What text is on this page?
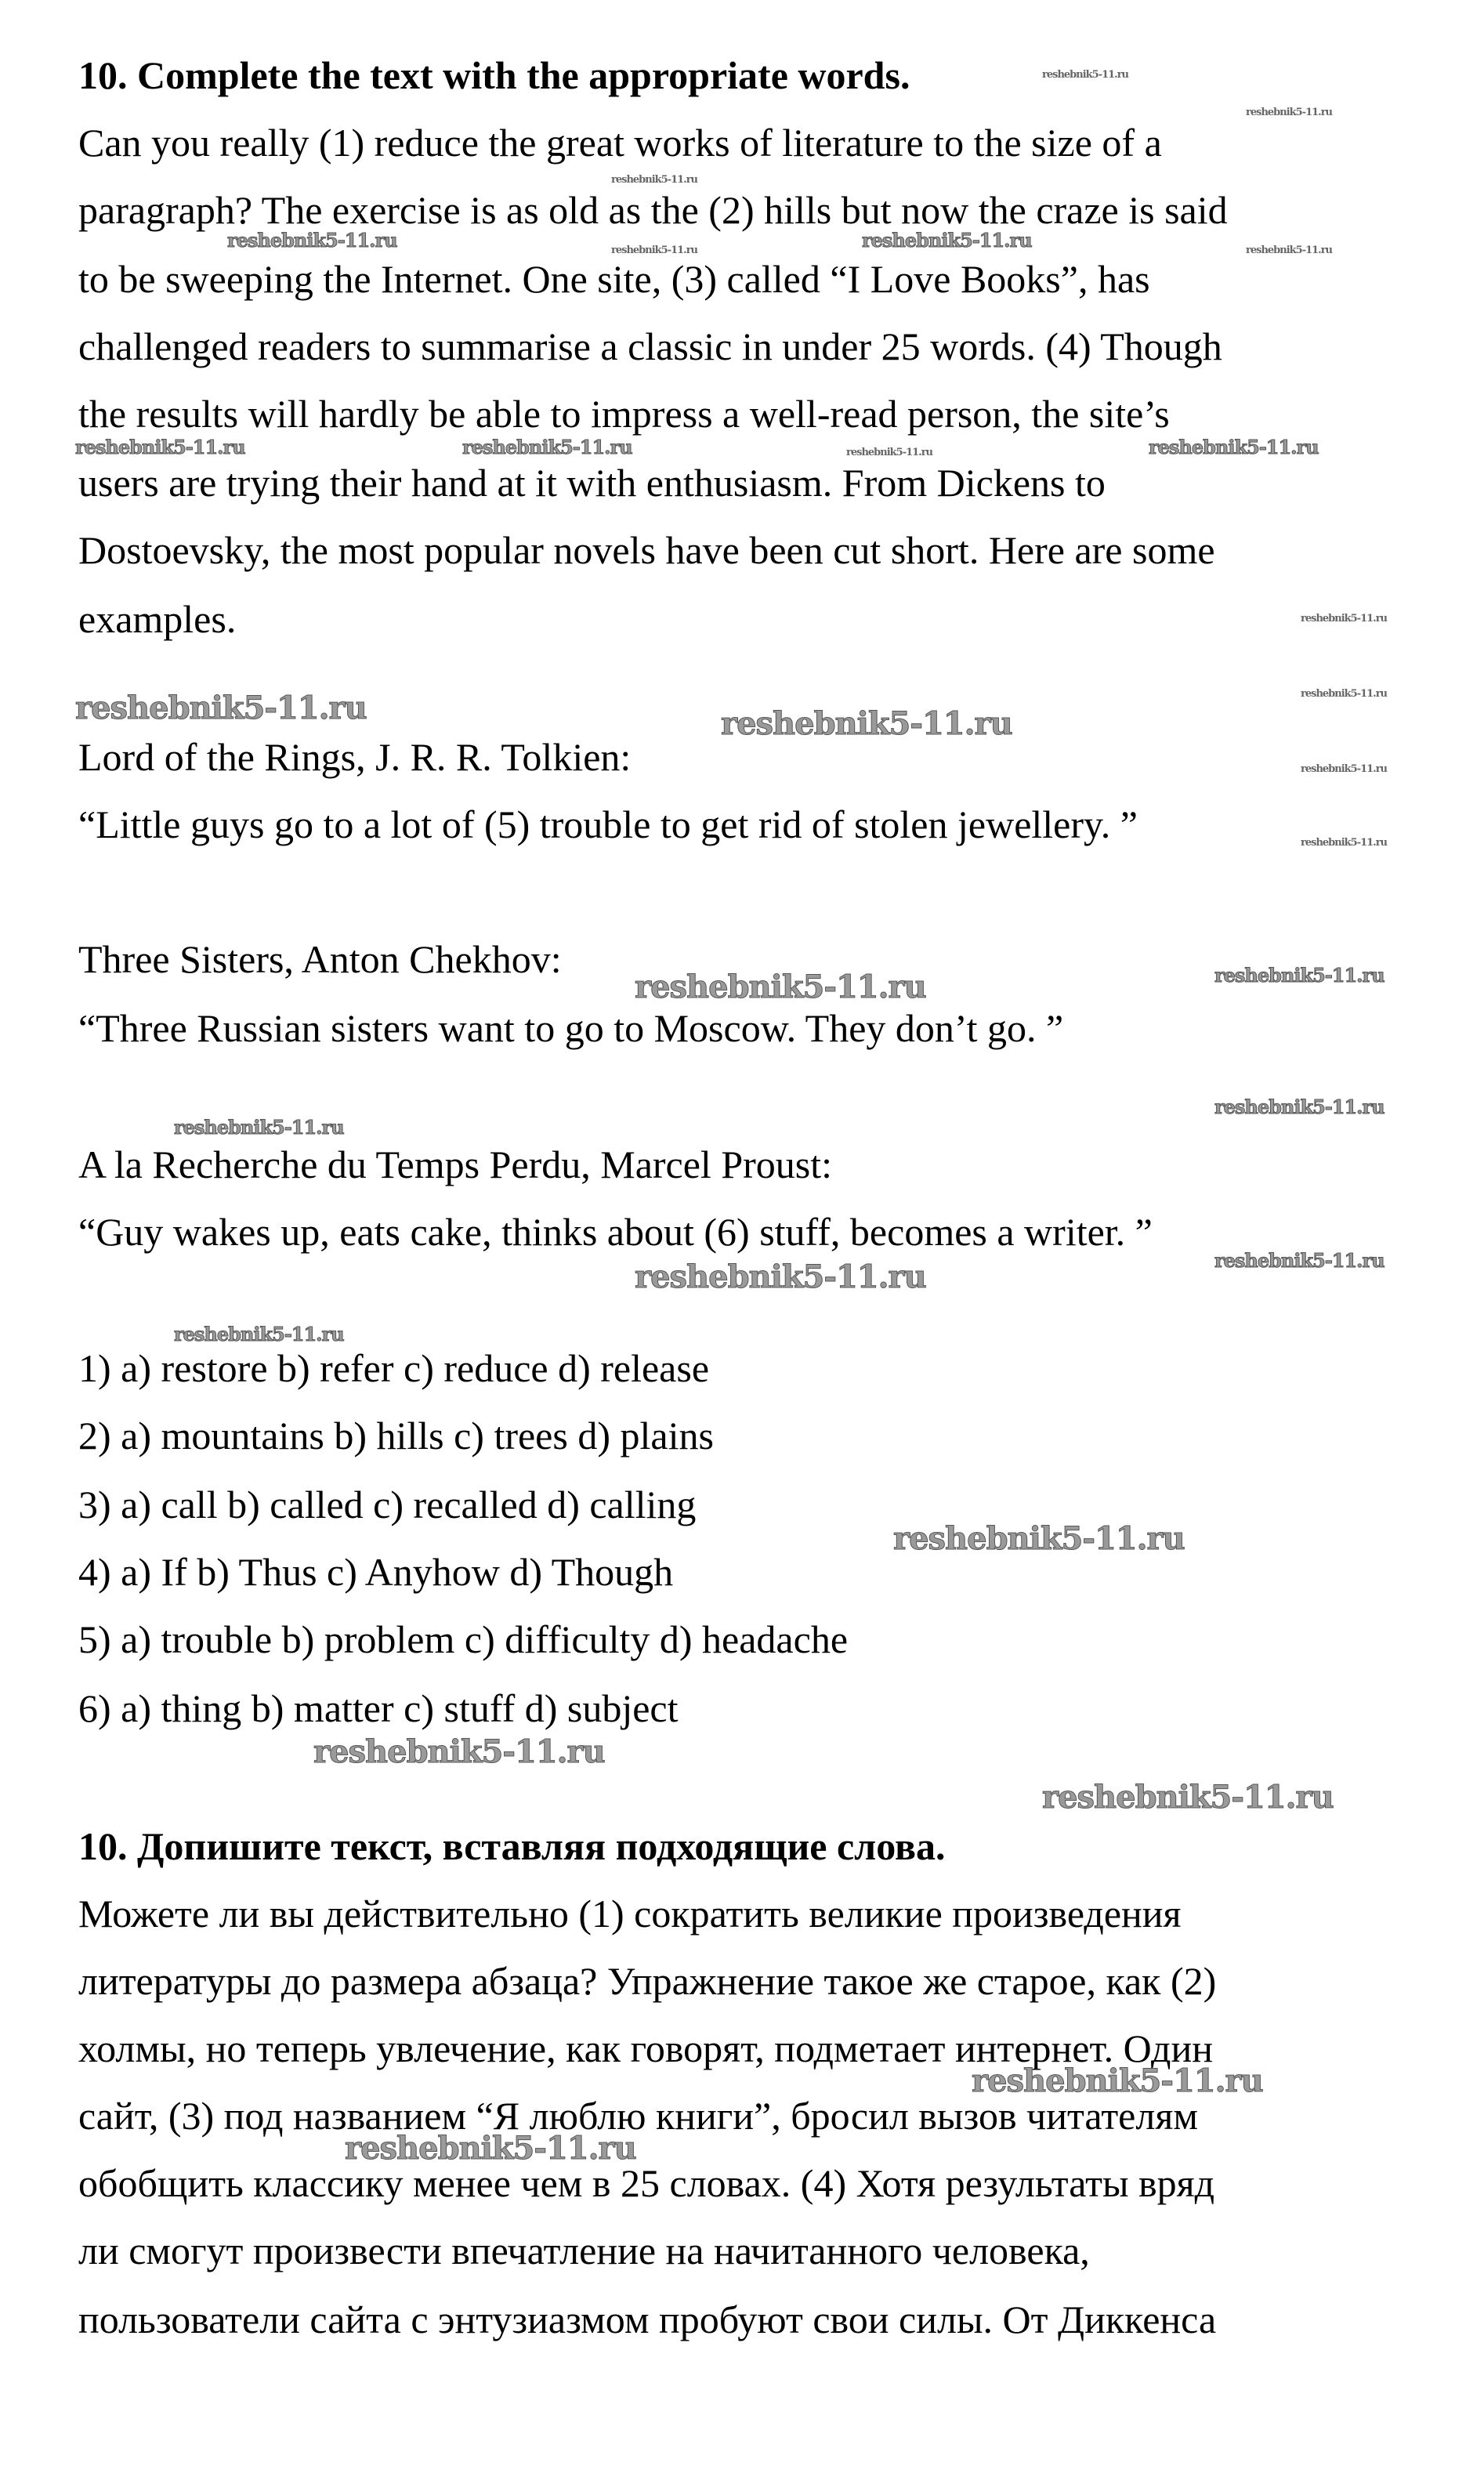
10. Complete the text with the appropriate words.
Can you really (1) reduce the great works of literature to the size of a
paragraph? The exercise is as old as the (2) hills but now the craze is said
to be sweeping the Internet. One site, (3) called “I Love Books”, has
challenged readers to summarise a classic in under 25 words. (4) Though
the results will hardly be able to impress a well-read person, the site’s
users are trying their hand at it with enthusiasm. From Dickens to
Dostoevsky, the most popular novels have been cut short. Here are some
examples.
Lord of the Rings, J. R. R. Tolkien:
“Little guys go to a lot of (5) trouble to get rid of stolen jewellery. ”
Three Sisters, Anton Chekhov:
“Three Russian sisters want to go to Moscow. They don’t go. ”
A la Recherche du Temps Perdu, Marcel Proust:
“Guy wakes up, eats cake, thinks about (6) stuff, becomes a writer. ”
1) a) restore b) refer c) reduce d) release
2) a) mountains b) hills c) trees d) plains
3) a) call b) called c) recalled d) calling
4) a) If b) Thus c) Anyhow d) Though
5) a) trouble b) problem c) difficulty d) headache
6) a) thing b) matter c) stuff d) subject
10. Допишите текст, вставляя подходящие слова.
Можете ли вы действительно (1) сократить великие произведения
литературы до размера абзаца? Упражнение такое же старое, как (2)
холмы, но теперь увлечение, как говорят, подметает интернет. Один
сайт, (3) под названием “Я люблю книги”, бросил вызов читателям
обобщить классику менее чем в 25 словах. (4) Хотя результаты вряд
ли смогут произвести впечатление на начитанного человека,
пользователи сайта с энтузиазмом пробуют свои силы. От Диккенса
reshebnik5-11.ru
reshebnik5-11.ru
reshebnik5-11.ru
reshebnik5-11.ru	reshebnik5-11.ru	reshebnik5-11.ru	reshebnik5-11.ru
reshebnik5-11.ru	reshebnik5-11.ru	reshebnik5-11.ru	reshebnik5-11.ru
reshebnik5-11.ru
reshebnik5-11.ru
reshebnik5-11.ru	reshebnik5-11.ru
reshebnik5-11.ru
reshebnik5-11.ru
reshebnik5-11.ru	reshebnik5-11.ru
reshebnik5-11.ru
reshebnik5-11.ru
reshebnik5-11.ru
reshebnik5-11.ru
reshebnik5-11.ru
reshebnik5-11.ru
reshebnik5-11.ru
reshebnik5-11.ru
reshebnik5-11.ru
reshebnik5-11.ru
